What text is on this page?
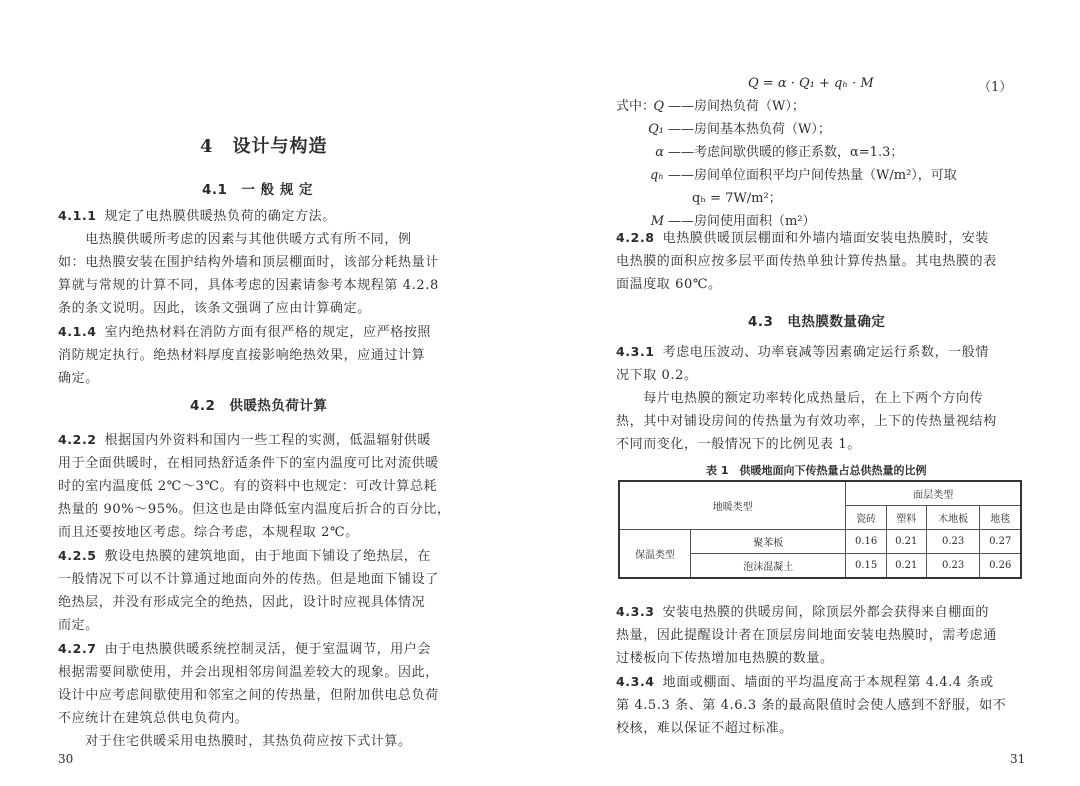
4　设计与构造
4.1　一 般 规 定
4.1.1 规定了电热膜供暖热负荷的确定方法。
　　电热膜供暖所考虑的因素与其他供暖方式有所不同，例
如：电热膜安装在围护结构外墙和顶层棚面时，该部分耗热量计
算就与常规的计算不同，具体考虑的因素请参考本规程第 4.2.8
条的条文说明。因此，该条文强调了应由计算确定。
4.1.4 室内绝热材料在消防方面有很严格的规定，应严格按照
消防规定执行。绝热材料厚度直接影响绝热效果，应通过计算
确定。
4.2　供暖热负荷计算
4.2.2 根据国内外资料和国内一些工程的实测，低温辐射供暖
用于全面供暖时，在相同热舒适条件下的室内温度可比对流供暖
时的室内温度低 2℃～3℃。有的资料中也规定：可改计算总耗
热量的 90%～95%。但这也是由降低室内温度后折合的百分比，
而且还要按地区考虑。综合考虑，本规程取 2℃。
4.2.5 敷设电热膜的建筑地面，由于地面下铺设了绝热层，在
一般情况下可以不计算通过地面向外的传热。但是地面下铺设了
绝热层，并没有形成完全的绝热，因此，设计时应视具体情况
而定。
4.2.7 由于电热膜供暖系统控制灵活，便于室温调节，用户会
根据需要间歇使用，并会出现相邻房间温差较大的现象。因此，
设计中应考虑间歇使用和邻室之间的传热量，但附加供电总负荷
不应统计在建筑总供电负荷内。
　　对于住宅供暖采用电热膜时，其热负荷应按下式计算。
30
Q = α · Q₁ + qₕ · M	（1）
式中：
Q ——房间热负荷（W）；
Q₁ ——房间基本热负荷（W）；
α ——考虑间歇供暖的修正系数，α=1.3；
qₕ ——房间单位面积平均户间传热量（W/m²），可取
qₕ = 7W/m²；
M ——房间使用面积（m²）
4.2.8 电热膜供暖顶层棚面和外墙内墙面安装电热膜时，安装
电热膜的面积应按多层平面传热单独计算传热量。其电热膜的表
面温度取 60℃。
4.3　电热膜数量确定
4.3.1 考虑电压波动、功率衰减等因素确定运行系数，一般情
况下取 0.2。
　　每片电热膜的额定功率转化成热量后，在上下两个方向传
热，其中对铺设房间的传热量为有效功率，上下的传热量视结构
不同而变化，一般情况下的比例见表 1。
表 1　供暖地面向下传热量占总供热量的比例
地暖类型		面层类型			
		瓷砖	塑料	木地板	地毯
保温类型	聚苯板	0.16	0.21	0.23	0.27
	泡沫混凝土	0.15	0.21	0.23	0.26
4.3.3 安装电热膜的供暖房间，除顶层外都会获得来自棚面的
热量，因此提醒设计者在顶层房间地面安装电热膜时，需考虑通
过楼板向下传热增加电热膜的数量。
4.3.4 地面或棚面、墙面的平均温度高于本规程第 4.4.4 条或
第 4.5.3 条、第 4.6.3 条的最高限值时会使人感到不舒服，如不
校核，难以保证不超过标准。
31
